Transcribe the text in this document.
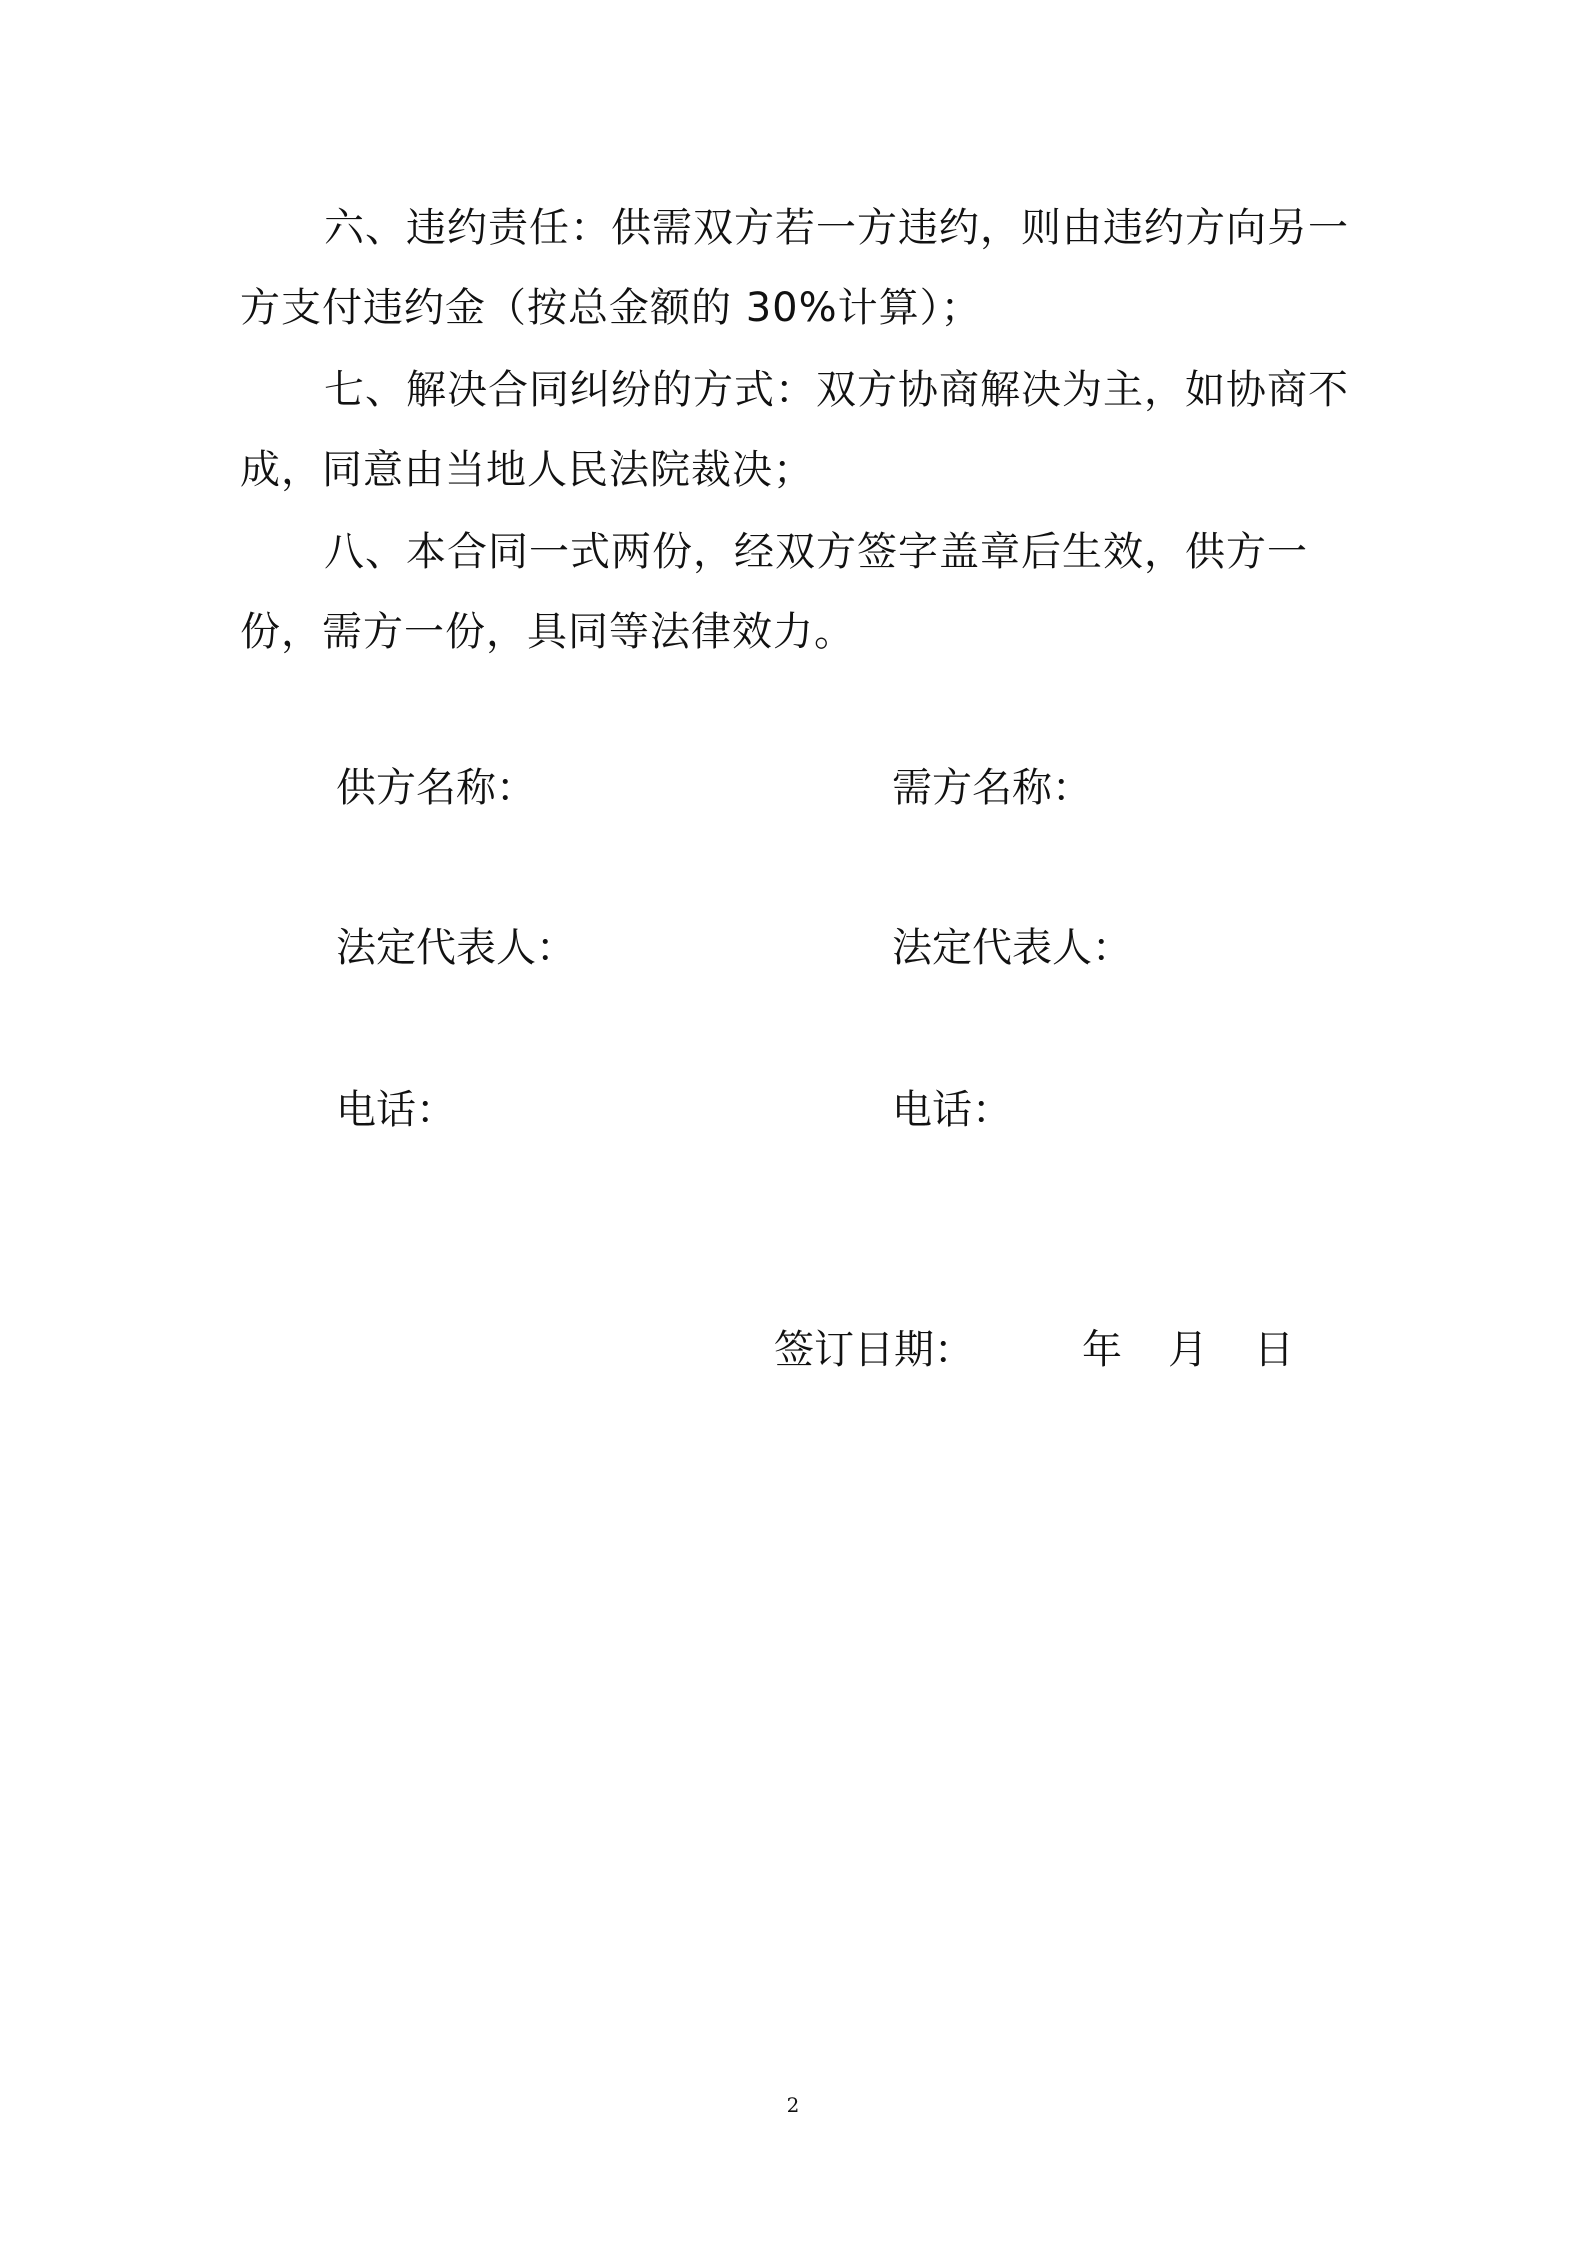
六、违约责任：供需双方若一方违约，则由违约方向另一方支付违约金（按总金额的 30%计算）；

七、解决合同纠纷的方式：双方协商解决为主，如协商不成，同意由当地人民法院裁决；

八、本合同一式两份，经双方签字盖章后生效，供方一份，需方一份，具同等法律效力。

供方名称：	需方名称：

法定代表人：	法定代表人：

电话：	电话：

签订日期：	年 月 日

2
